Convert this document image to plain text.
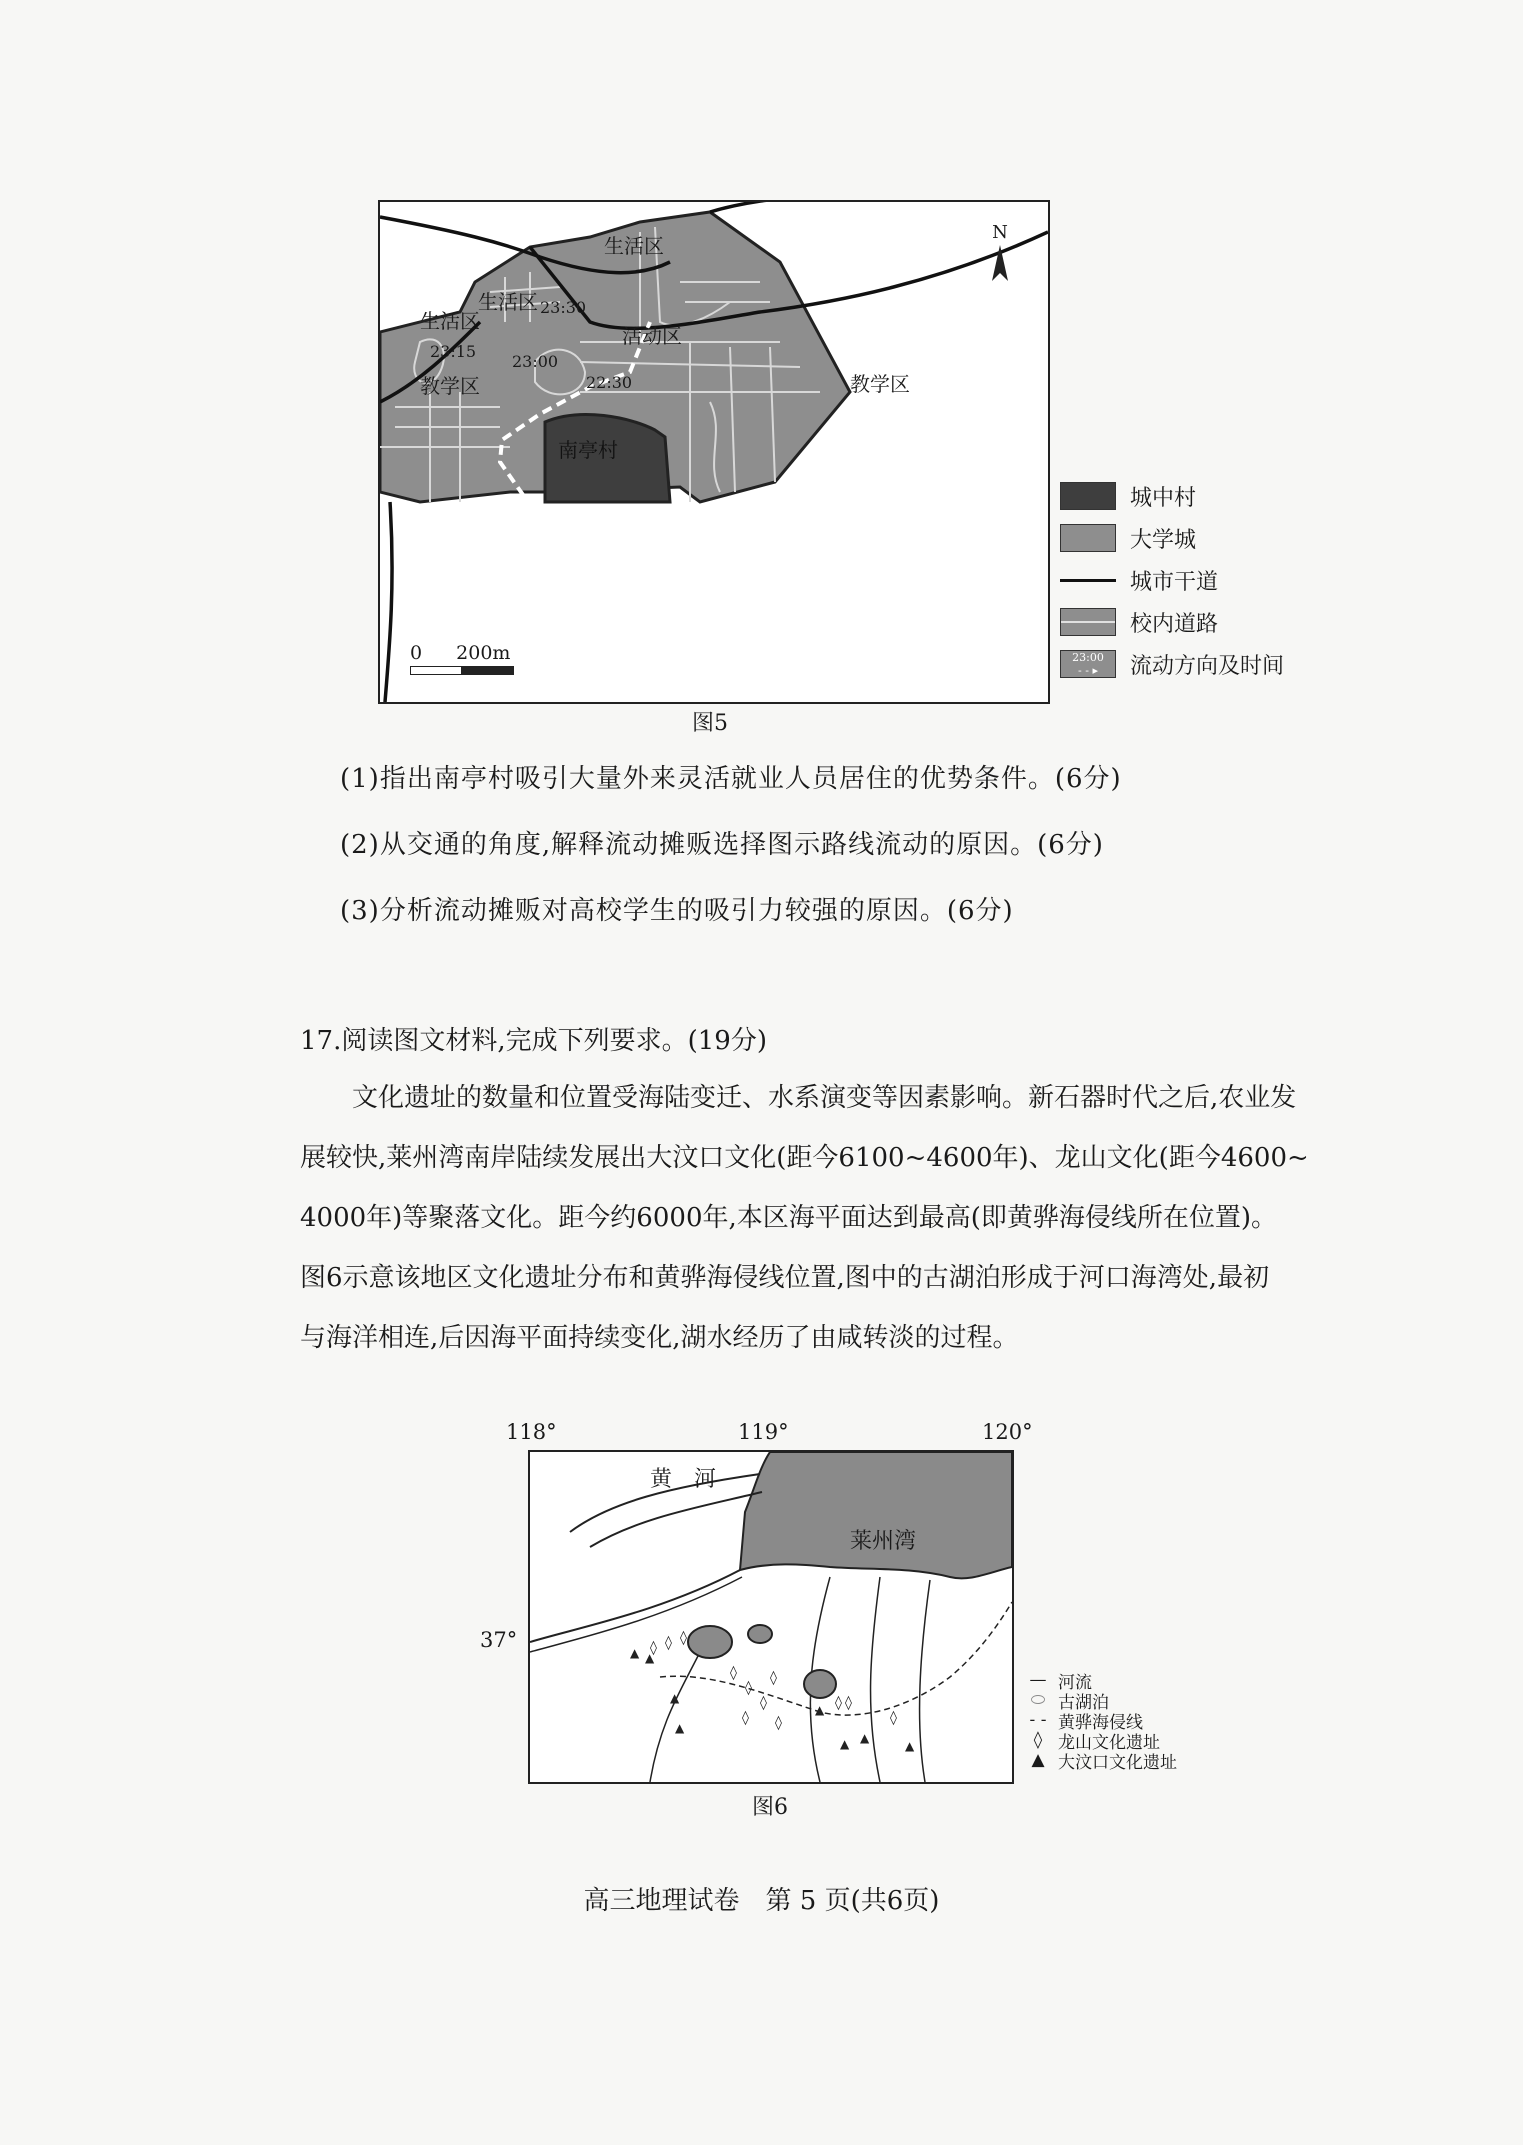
生活区
生活区
生活区
活动区
教学区	教学区
南亭村
23:00
22:30
23:15
23:30
N
0 200m
城中村
大学城
城市干道
校内道路
23:00
- - ▸	流动方向及时间
图5
(1)指出南亭村吸引大量外来灵活就业人员居住的优势条件。(6分)
(2)从交通的角度,解释流动摊贩选择图示路线流动的原因。(6分)
(3)分析流动摊贩对高校学生的吸引力较强的原因。(6分)
17.阅读图文材料,完成下列要求。(19分)
文化遗址的数量和位置受海陆变迁、水系演变等因素影响。新石器时代之后,农业发
展较快,莱州湾南岸陆续发展出大汶口文化(距今6100~4600年)、龙山文化(距今4600~
4000年)等聚落文化。距今约6000年,本区海平面达到最高(即黄骅海侵线所在位置)。
图6示意该地区文化遗址分布和黄骅海侵线位置,图中的古湖泊形成于河口海湾处,最初
与海洋相连,后因海平面持续变化,湖水经历了由咸转淡的过程。
118°	119°	120°
37°	◊ ◊ ◊
◊
◊
◊
◊
◊
◊
◊ ◊
◊
▲ ▲
▲
▲
▲
▲
▲	▲
黄　河
莱州湾
— 河流
⬭ 古湖泊
- - 黄骅海侵线
◊ 龙山文化遗址
▲ 大汶口文化遗址
图6
高三地理试卷　第 5 页(共6页)
